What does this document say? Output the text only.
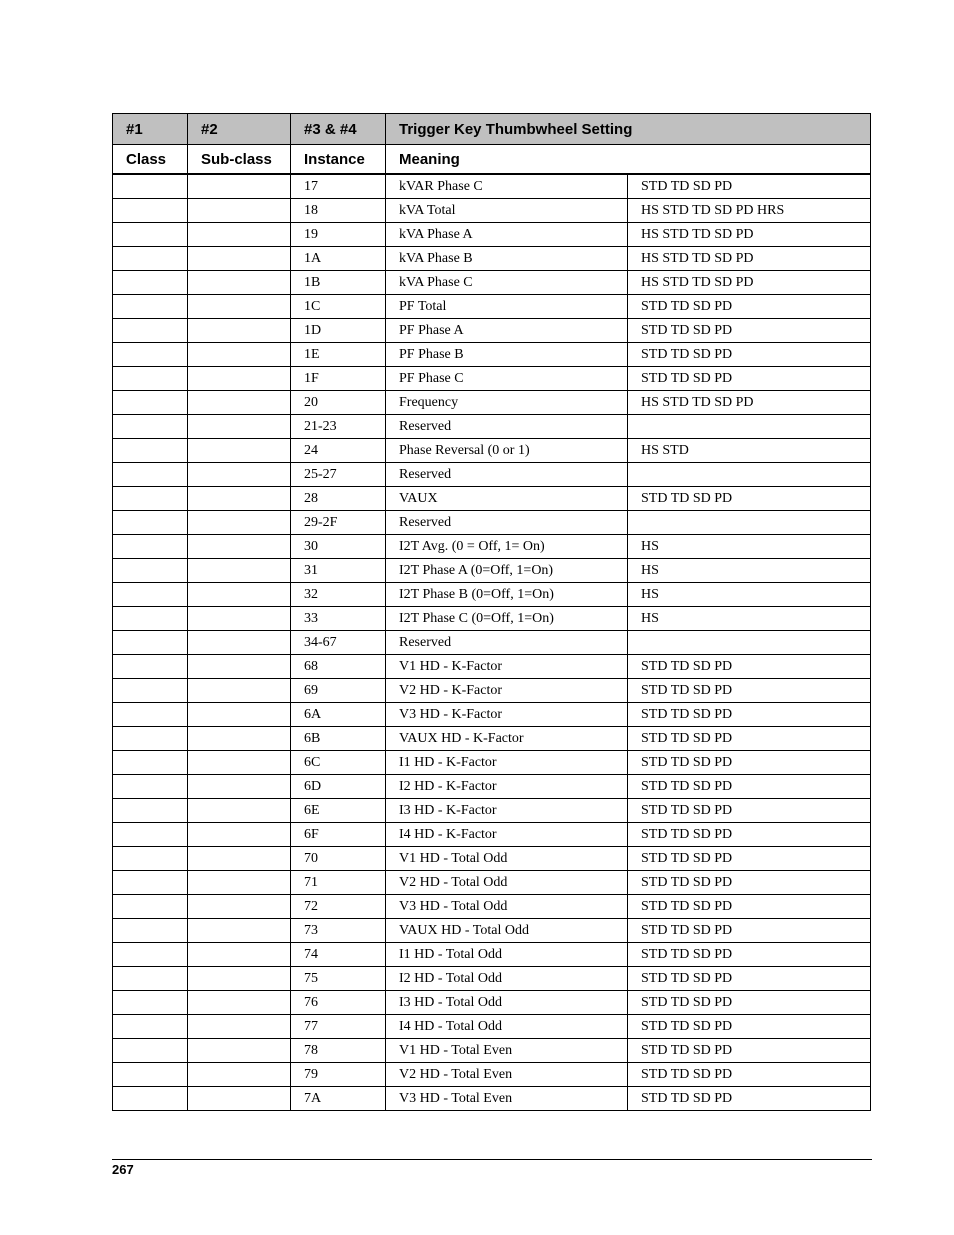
#1	#2	#3 & #4	Trigger Key Thumbwheel Setting	
Class	Sub-class	Instance	Meaning	
		17	kVAR Phase C	STD TD SD PD
		18	kVA Total	HS STD TD SD PD HRS
		19	kVA Phase A	HS STD TD SD PD
		1A	kVA Phase B	HS STD TD SD PD
		1B	kVA Phase C	HS STD TD SD PD
		1C	PF Total	STD TD SD PD
		1D	PF Phase A	STD TD SD PD
		1E	PF Phase B	STD TD SD PD
		1F	PF Phase C	STD TD SD PD
		20	Frequency	HS STD TD SD PD
		21-23	Reserved	
		24	Phase Reversal (0 or 1)	HS STD
		25-27	Reserved	
		28	VAUX	STD TD SD PD
		29-2F	Reserved	
		30	I2T Avg. (0 = Off, 1= On)	HS
		31	I2T Phase A (0=Off, 1=On)	HS
		32	I2T Phase B (0=Off, 1=On)	HS
		33	I2T Phase C (0=Off, 1=On)	HS
		34-67	Reserved	
		68	V1 HD - K-Factor	STD TD SD PD
		69	V2 HD - K-Factor	STD TD SD PD
		6A	V3 HD - K-Factor	STD TD SD PD
		6B	VAUX HD - K-Factor	STD TD SD PD
		6C	I1 HD - K-Factor	STD TD SD PD
		6D	I2 HD - K-Factor	STD TD SD PD
		6E	I3 HD - K-Factor	STD TD SD PD
		6F	I4 HD - K-Factor	STD TD SD PD
		70	V1 HD - Total Odd	STD TD SD PD
		71	V2 HD - Total Odd	STD TD SD PD
		72	V3 HD - Total Odd	STD TD SD PD
		73	VAUX HD - Total Odd	STD TD SD PD
		74	I1 HD - Total Odd	STD TD SD PD
		75	I2 HD - Total Odd	STD TD SD PD
		76	I3 HD - Total Odd	STD TD SD PD
		77	I4 HD - Total Odd	STD TD SD PD
		78	V1 HD - Total Even	STD TD SD PD
		79	V2 HD - Total Even	STD TD SD PD
		7A	V3 HD - Total Even	STD TD SD PD
267
